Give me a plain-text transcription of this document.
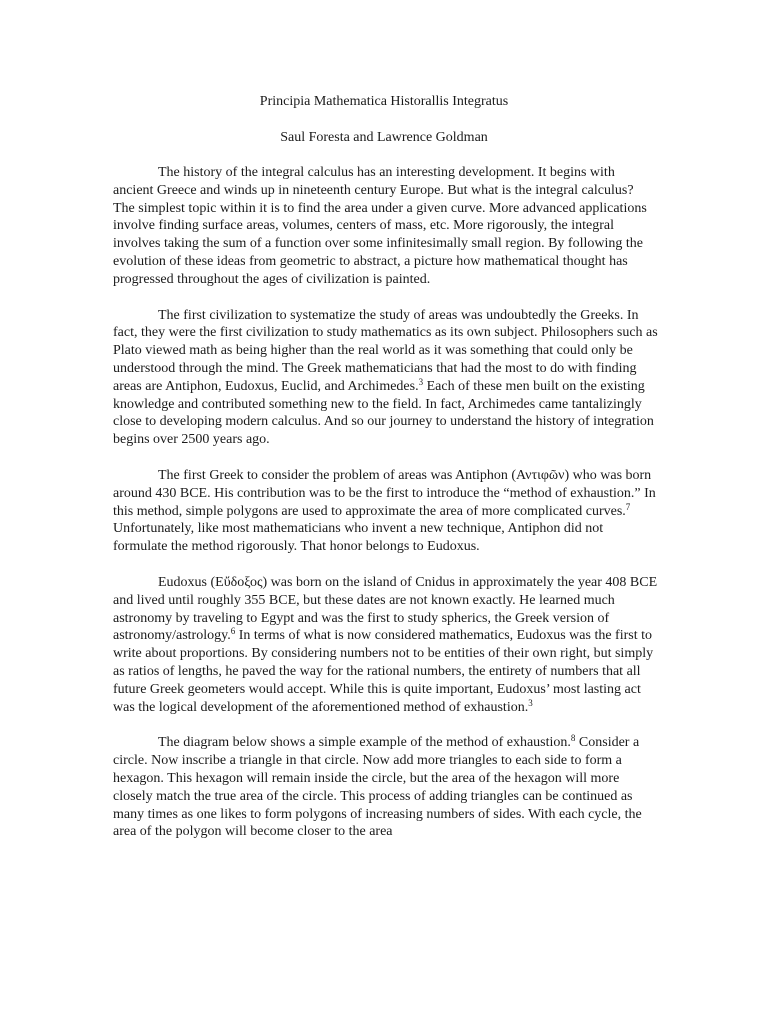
Principia Mathematica Historallis Integratus

Saul Foresta and Lawrence Goldman

The history of the integral calculus has an interesting development. It begins with ancient Greece and winds up in nineteenth century Europe. But what is the integral calculus? The simplest topic within it is to find the area under a given curve. More advanced applications involve finding surface areas, volumes, centers of mass, etc. More rigorously, the integral involves taking the sum of a function over some infinitesimally small region. By following the evolution of these ideas from geometric to abstract, a picture how mathematical thought has progressed throughout the ages of civilization is painted.

The first civilization to systematize the study of areas was undoubtedly the Greeks. In fact, they were the first civilization to study mathematics as its own subject. Philosophers such as Plato viewed math as being higher than the real world as it was something that could only be understood through the mind. The Greek mathematicians that had the most to do with finding areas are Antiphon, Eudoxus, Euclid, and Archimedes.$^3$ Each of these men built on the existing knowledge and contributed something new to the field. In fact, Archimedes came tantalizingly close to developing modern calculus. And so our journey to understand the history of integration begins over 2500 years ago.

The first Greek to consider the problem of areas was Antiphon (Αντιφῶν) who was born around 430 BCE. His contribution was to be the first to introduce the “method of exhaustion.” In this method, simple polygons are used to approximate the area of more complicated curves.$^7$ Unfortunately, like most mathematicians who invent a new technique, Antiphon did not formulate the method rigorously. That honor belongs to Eudoxus.

Eudoxus (Εὔδοξος) was born on the island of Cnidus in approximately the year 408 BCE and lived until roughly 355 BCE, but these dates are not known exactly. He learned much astronomy by traveling to Egypt and was the first to study spherics, the Greek version of astronomy/astrology.$^6$ In terms of what is now considered mathematics, Eudoxus was the first to write about proportions. By considering numbers not to be entities of their own right, but simply as ratios of lengths, he paved the way for the rational numbers, the entirety of numbers that all future Greek geometers would accept. While this is quite important, Eudoxus’ most lasting act was the logical development of the aforementioned method of exhaustion.$^3$

The diagram below shows a simple example of the method of exhaustion.$^8$ Consider a circle. Now inscribe a triangle in that circle. Now add more triangles to each side to form a hexagon. This hexagon will remain inside the circle, but the area of the hexagon will more closely match the true area of the circle. This process of adding triangles can be continued as many times as one likes to form polygons of increasing numbers of sides. With each cycle, the area of the polygon will become closer to the area
